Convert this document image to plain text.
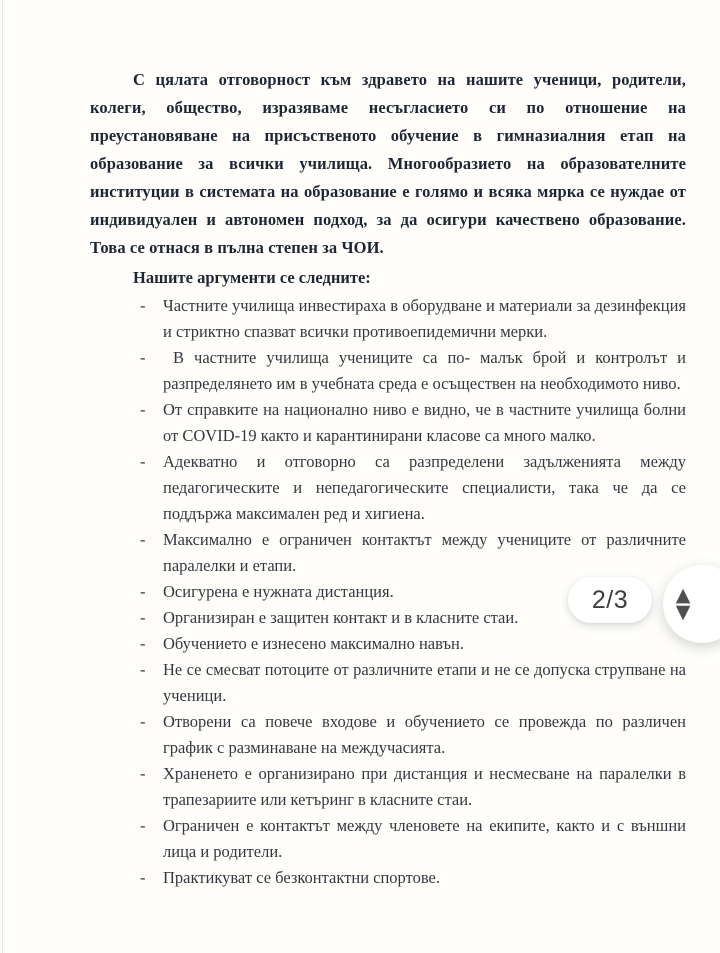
С цялата отговорност към здравето на нашите ученици, родители, колеги, общество, изразяваме несъгласието си по отношение на преустановяване на присъственото обучение в гимназиалния етап на образование за всички училища. Многообразието на образователните институции в системата на образование е голямо и всяка мярка се нуждае от индивидуален и автономен подход, за да осигури качествено образование. Това се отнася в пълна степен за ЧОИ.

Нашите аргументи се следните:

- Частните училища инвестираха в оборудване и материали за дезинфекция и стриктно спазват всички противоепидемични мерки.
- В частните училища учениците са по- малък брой и контролът и разпределянето им в учебната среда е осъществен на необходимото ниво.
- От справките на национално ниво е видно, че в частните училища болни от COVID-19 както и карантинирани класове са много малко.
- Адекватно и отговорно са разпределени задълженията между педагогическите и непедагогическите специалисти, така че да се поддържа максимален ред и хигиена.
- Максимално е ограничен контактът между учениците от различните паралелки и етапи.
- Осигурена е нужната дистанция.
- Организиран е защитен контакт и в класните стаи.
- Обучението е изнесено максимално навън.
- Не се смесват потоците от различните етапи и не се допуска струпване на ученици.
- Отворени са повече входове и обучението се провежда по различен график с разминаване на междучасията.
- Храненето е организирано при дистанция и несмесване на паралелки в трапезариите или кетъринг в класните стаи.
- Ограничен е контактът между членовете на екипите, както и с външни лица и родители.
- Практикуват се безконтактни спортове.
2/3	▲
▼
